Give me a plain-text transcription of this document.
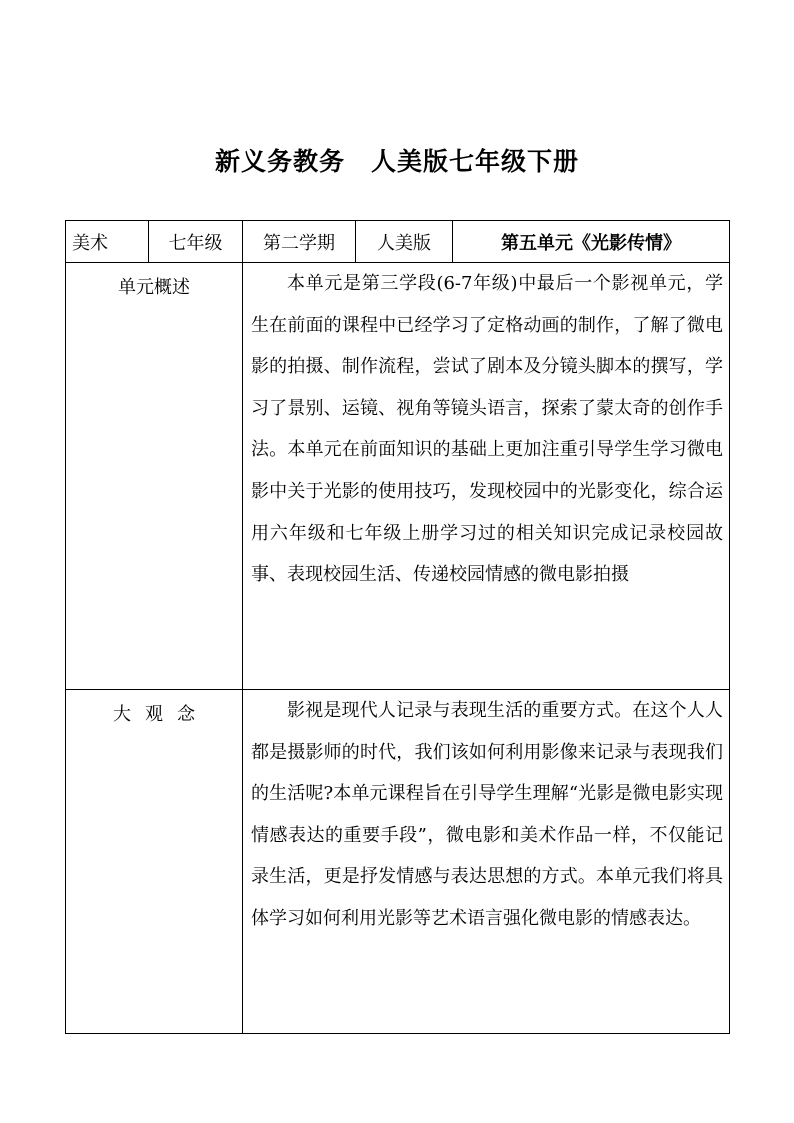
新义务教务　人美版七年级下册
美术	七年级	第二学期	人美版	第五单元《光影传情》
单元概述		本单元是第三学段(6-7年级)中最后一个影视单元，学生在前面的课程中已经学习了定格动画的制作，了解了微电影的拍摄、制作流程，尝试了剧本及分镜头脚本的撰写，学习了景别、运镜、视角等镜头语言，探索了蒙太奇的创作手法。本单元在前面知识的基础上更加注重引导学生学习微电影中关于光影的使用技巧，发现校园中的光影变化，综合运用六年级和七年级上册学习过的相关知识完成记录校园故事、表现校园生活、传递校园情感的微电影拍摄		

大观念		影视是现代人记录与表现生活的重要方式。在这个人人都是摄影师的时代，我们该如何利用影像来记录与表现我们的生活呢?本单元课程旨在引导学生理解“光影是微电影实现情感表达的重要手段”，微电影和美术作品一样，不仅能记录生活，更是抒发情感与表达思想的方式。本单元我们将具体学习如何利用光影等艺术语言强化微电影的情感表达。		
